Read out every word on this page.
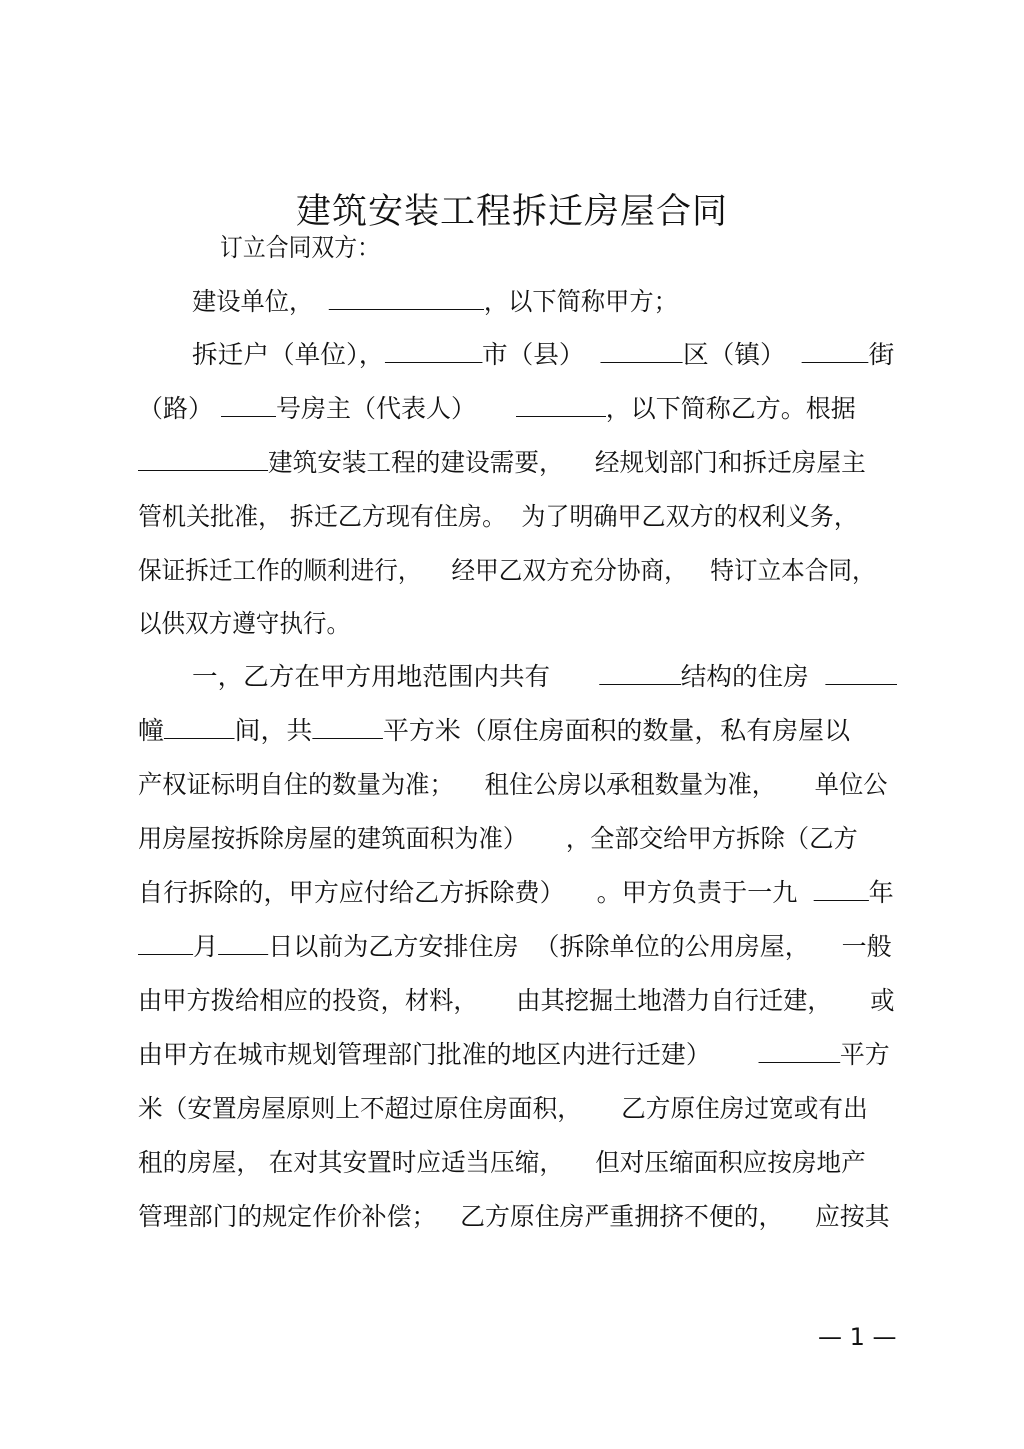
建筑安装工程拆迁房屋合同
订立合同双方：
建设单位，	，以下简称甲方；
拆迁户（单位），	市（县）	区（镇）	街
（路） 号房主（代表人）	，以下简称乙方。根据
建筑安装工程的建设需要，    经规划部门和拆迁房屋主
管机关批准， 拆迁乙方现有住房。  为了明确甲乙双方的权利义务，
保证拆迁工作的顺利进行，    经甲乙双方充分协商，   特订立本合同，
以供双方遵守执行。
一，乙方在甲方用地范围内共有	结构的住房
幢	间，共	平方米（原住房面积的数量，私有房屋以
产权证标明自住的数量为准；    租住公房以承租数量为准，     单位公
用房屋按拆除房屋的建筑面积为准）     ，全部交给甲方拆除（乙方
自行拆除的，甲方应付给乙方拆除费）    。甲方负责于一九  年
月 日以前为乙方安排住房  （拆除单位的公用房屋，    一般
由甲方拨给相应的投资，材料，     由其挖掘土地潜力自行迁建，     或
由甲方在城市规划管理部门批准的地区内进行迁建）	平方
米（安置房屋原则上不超过原住房面积，     乙方原住房过宽或有出
租的房屋， 在对其安置时应适当压缩，    但对压缩面积应按房地产
管理部门的规定作价补偿；   乙方原住房严重拥挤不便的，    应按其
— 1 —
